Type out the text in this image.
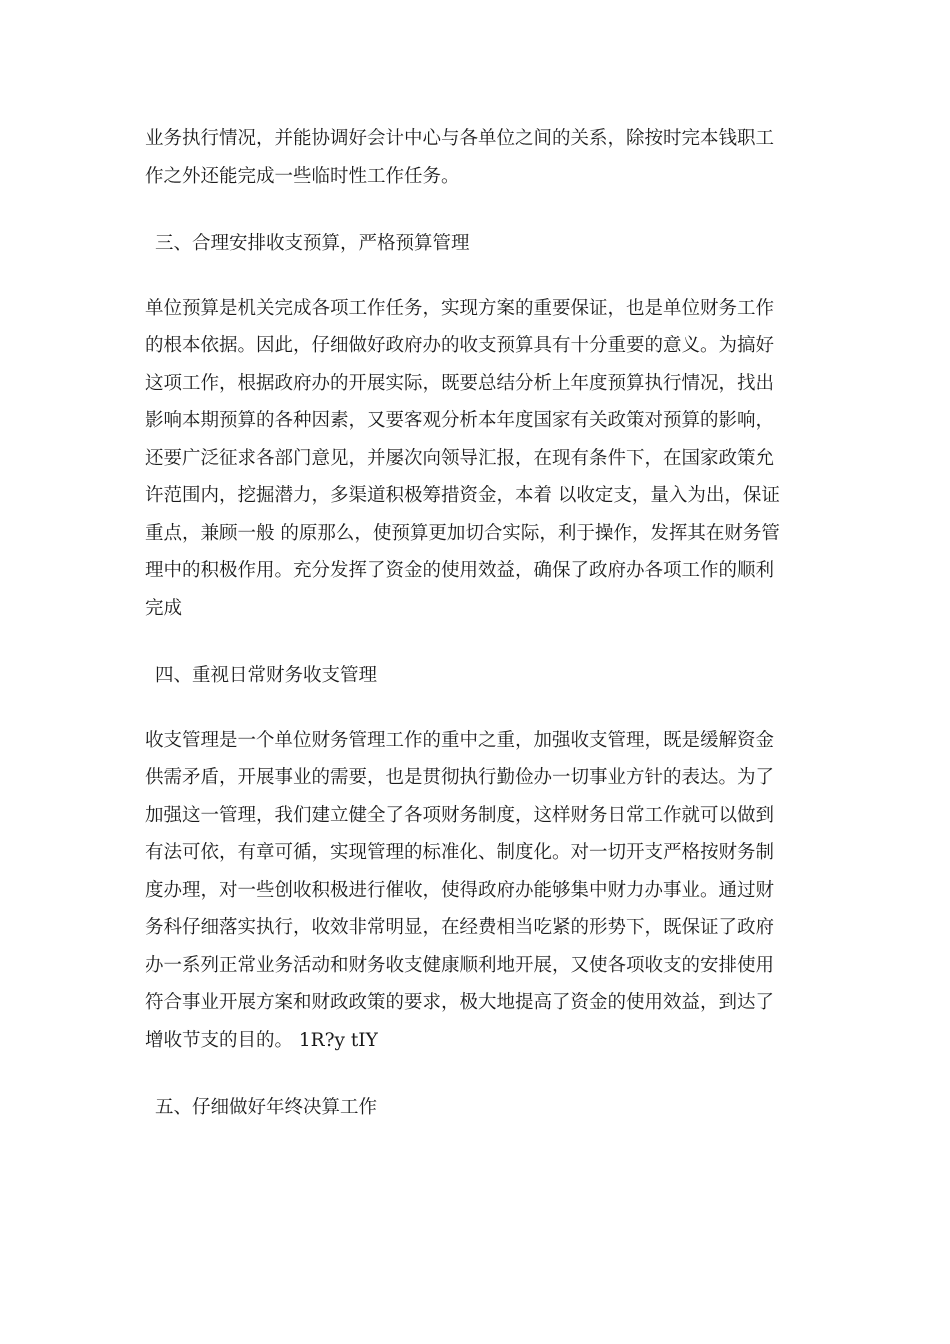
业务执行情况，并能协调好会计中心与各单位之间的关系，除按时完本钱职工
作之外还能完成一些临时性工作任务。
三、合理安排收支预算，严格预算管理
单位预算是机关完成各项工作任务，实现方案的重要保证，也是单位财务工作
的根本依据。因此，仔细做好政府办的收支预算具有十分重要的意义。为搞好
这项工作，根据政府办的开展实际，既要总结分析上年度预算执行情况，找出
影响本期预算的各种因素，又要客观分析本年度国家有关政策对预算的影响，
还要广泛征求各部门意见，并屡次向领导汇报，在现有条件下，在国家政策允
许范围内，挖掘潜力，多渠道积极筹措资金，本着 以收定支，量入为出，保证
重点，兼顾一般 的原那么，使预算更加切合实际，利于操作，发挥其在财务管
理中的积极作用。充分发挥了资金的使用效益，确保了政府办各项工作的顺利
完成
四、重视日常财务收支管理
收支管理是一个单位财务管理工作的重中之重，加强收支管理，既是缓解资金
供需矛盾，开展事业的需要，也是贯彻执行勤俭办一切事业方针的表达。为了
加强这一管理，我们建立健全了各项财务制度，这样财务日常工作就可以做到
有法可依，有章可循，实现管理的标准化、制度化。对一切开支严格按财务制
度办理，对一些创收积极进行催收，使得政府办能够集中财力办事业。通过财
务科仔细落实执行，收效非常明显，在经费相当吃紧的形势下，既保证了政府
办一系列正常业务活动和财务收支健康顺利地开展，又使各项收支的安排使用
符合事业开展方案和财政政策的要求，极大地提高了资金的使用效益，到达了
增收节支的目的。 1R?y tIY
五、仔细做好年终决算工作
